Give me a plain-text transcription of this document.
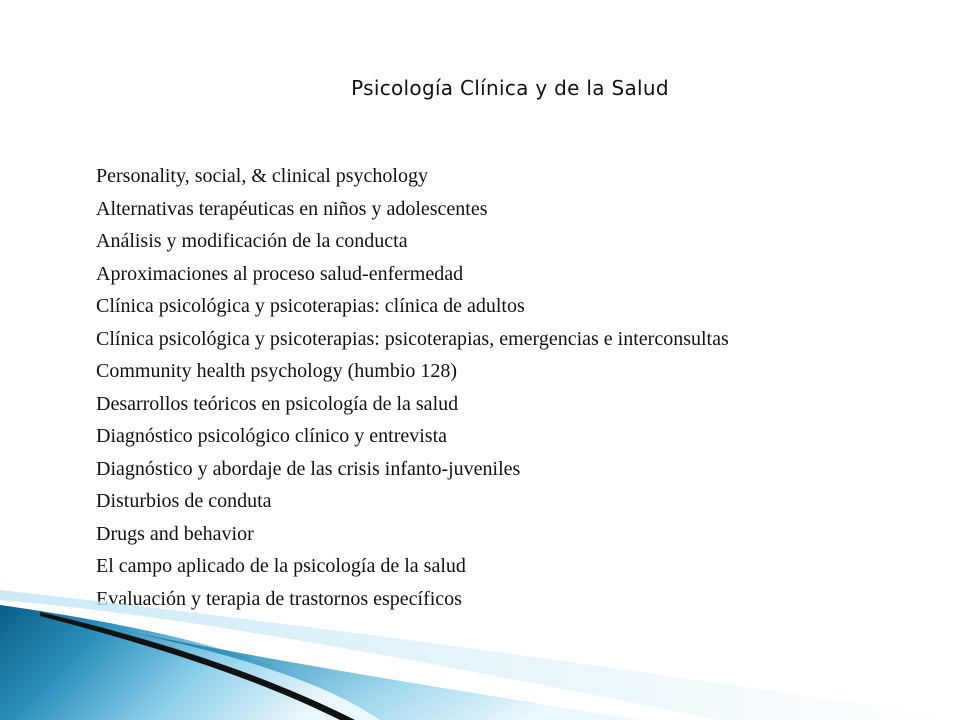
Psicología Clínica y de la Salud
Personality, social, & clinical psychology
Alternativas terapéuticas en niños y adolescentes
Análisis y modificación de la conducta
Aproximaciones al proceso salud-enfermedad
Clínica psicológica y psicoterapias: clínica de adultos
Clínica psicológica y psicoterapias: psicoterapias, emergencias e interconsultas
Community health psychology (humbio 128)
Desarrollos teóricos en psicología de la salud
Diagnóstico psicológico clínico y entrevista
Diagnóstico y abordaje de las crisis infanto-juveniles
Disturbios de conduta
Drugs and behavior
El campo aplicado de la psicología de la salud
Evaluación y terapia de trastornos específicos
